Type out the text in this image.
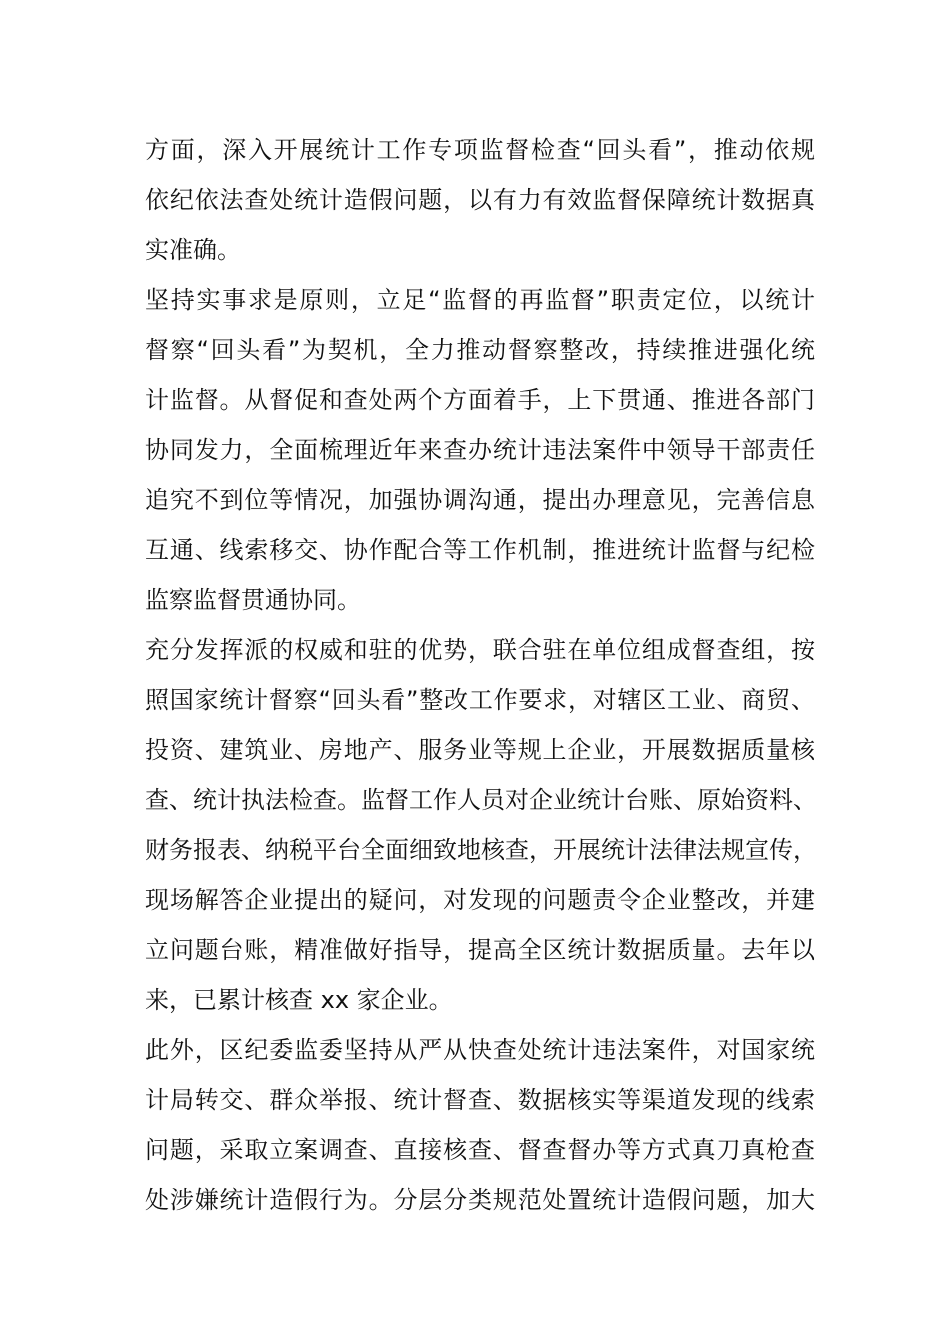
方面，深入开展统计工作专项监督检查“回头看”，推动依规
依纪依法查处统计造假问题，以有力有效监督保障统计数据真
实准确。
坚持实事求是原则，立足“监督的再监督”职责定位，以统计
督察“回头看”为契机，全力推动督察整改，持续推进强化统
计监督。从督促和查处两个方面着手，上下贯通、推进各部门
协同发力，全面梳理近年来查办统计违法案件中领导干部责任
追究不到位等情况，加强协调沟通，提出办理意见，完善信息
互通、线索移交、协作配合等工作机制，推进统计监督与纪检
监察监督贯通协同。
充分发挥派的权威和驻的优势，联合驻在单位组成督查组，按
照国家统计督察“回头看”整改工作要求，对辖区工业、商贸、
投资、建筑业、房地产、服务业等规上企业，开展数据质量核
查、统计执法检查。监督工作人员对企业统计台账、原始资料、
财务报表、纳税平台全面细致地核查，开展统计法律法规宣传，
现场解答企业提出的疑问，对发现的问题责令企业整改，并建
立问题台账，精准做好指导，提高全区统计数据质量。去年以
来，已累计核查 xx 家企业。
此外，区纪委监委坚持从严从快查处统计违法案件，对国家统
计局转交、群众举报、统计督查、数据核实等渠道发现的线索
问题，采取立案调查、直接核查、督查督办等方式真刀真枪查
处涉嫌统计造假行为。分层分类规范处置统计造假问题，加大
